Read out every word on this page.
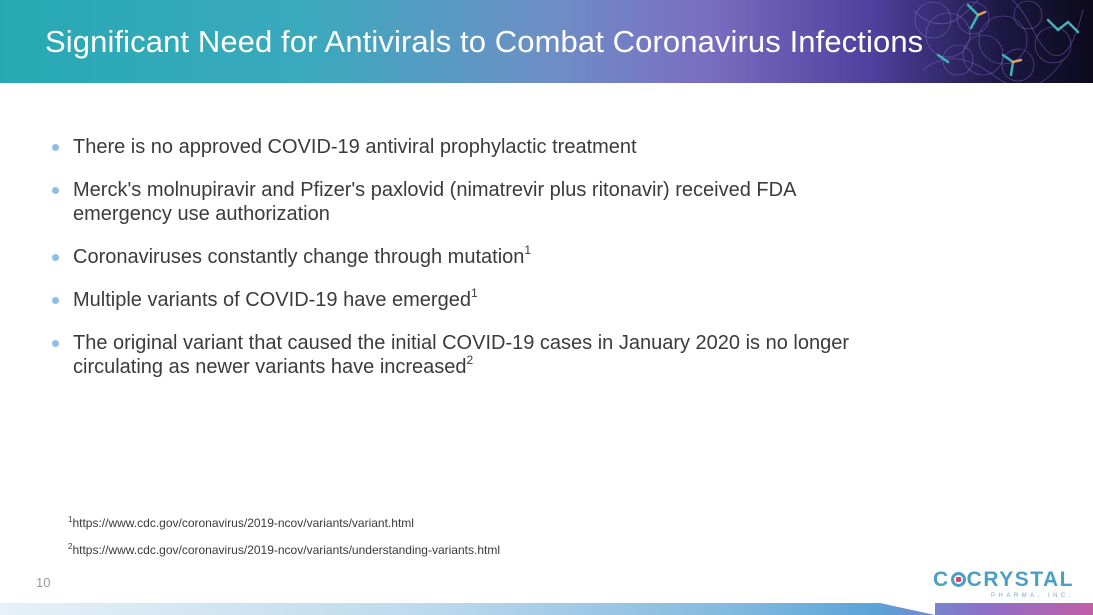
Significant Need for Antivirals to Combat Coronavirus Infections
There is no approved COVID-19 antiviral prophylactic treatment
Merck's molnupiravir and Pfizer's paxlovid (nimatrevir plus ritonavir) received FDA
emergency use authorization
Coronaviruses constantly change through mutation$^1$
Multiple variants of COVID-19 have emerged$^1$
The original variant that caused the initial COVID-19 cases in January 2020 is no longer
circulating as newer variants have increased$^2$
$^1$https://www.cdc.gov/coronavirus/2019-ncov/variants/variant.html
$^2$https://www.cdc.gov/coronavirus/2019-ncov/variants/understanding-variants.html
10	C CRYSTAL
PHARMA, INC.
